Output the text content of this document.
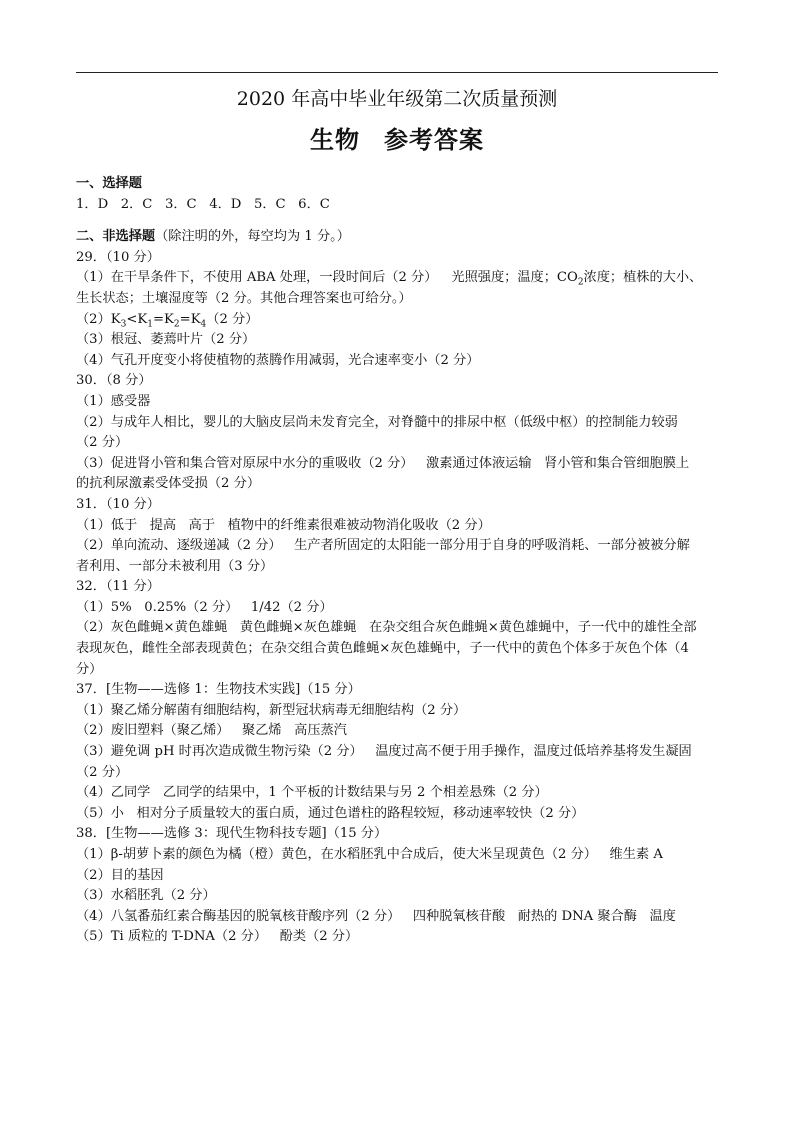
2020 年高中毕业年级第二次质量预测
生物 参考答案
一、选择题
1．D   2．C   3．C   4．D   5．C   6．C
二、非选择题（除注明的外，每空均为 1 分。）
29．（10 分）
（1）在干旱条件下，不使用 ABA 处理，一段时间后（2 分） 光照强度；温度；$CO_2$浓度；植株的大小、
生长状态；土壤湿度等（2 分。其他合理答案也可给分。）
$(2)K_3<K_1=K_2=K_4(2$ 分）
（3）根冠、萎蔫叶片（2 分）
（4）气孔开度变小将使植物的蒸腾作用减弱，光合速率变小（2 分）
30．（8 分）
（1）感受器
（2）与成年人相比，婴儿的大脑皮层尚未发育完全，对脊髓中的排尿中枢（低级中枢）的控制能力较弱
（2 分）
（3）促进肾小管和集合管对原尿中水分的重吸收（2 分）   激素通过体液运输   肾小管和集合管细胞膜上
的抗利尿激素受体受损（2 分）
31．（10 分）
（1）低于   提高   高于   植物中的纤维素很难被动物消化吸收（2 分）
（2）单向流动、逐级递减（2 分）   生产者所固定的太阳能一部分用于自身的呼吸消耗、一部分被被分解
者利用、一部分未被利用（3 分）
32．（11 分）
（1）5%   0.25%（2 分）   1/42（2 分）
（2）灰色雌蝇×黄色雄蝇   黄色雌蝇×灰色雄蝇   在杂交组合灰色雌蝇×黄色雄蝇中，子一代中的雄性全部
表现灰色，雌性全部表现黄色；在杂交组合黄色雌蝇×灰色雄蝇中，子一代中的黄色个体多于灰色个体（4
分）
37．[生物——选修 1：生物技术实践]（15 分）
（1）聚乙烯分解菌有细胞结构，新型冠状病毒无细胞结构（2 分）
（2）废旧塑料（聚乙烯）   聚乙烯   高压蒸汽
（3）避免调 pH 时再次造成微生物污染（2 分）   温度过高不便于用手操作，温度过低培养基将发生凝固
（2 分）
（4）乙同学   乙同学的结果中，1 个平板的计数结果与另 2 个相差悬殊（2 分）
（5）小   相对分子质量较大的蛋白质，通过色谱柱的路程较短，移动速率较快（2 分）
38．[生物——选修 3：现代生物科技专题]（15 分）
（1）β-胡萝卜素的颜色为橘（橙）黄色，在水稻胚乳中合成后，使大米呈现黄色（2 分）   维生素 A
（2）目的基因
（3）水稻胚乳（2 分）
（4）八氢番茄红素合酶基因的脱氧核苷酸序列（2 分）   四种脱氧核苷酸   耐热的 DNA 聚合酶   温度
（5）Ti 质粒的 T-DNA（2 分）   酚类（2 分）
